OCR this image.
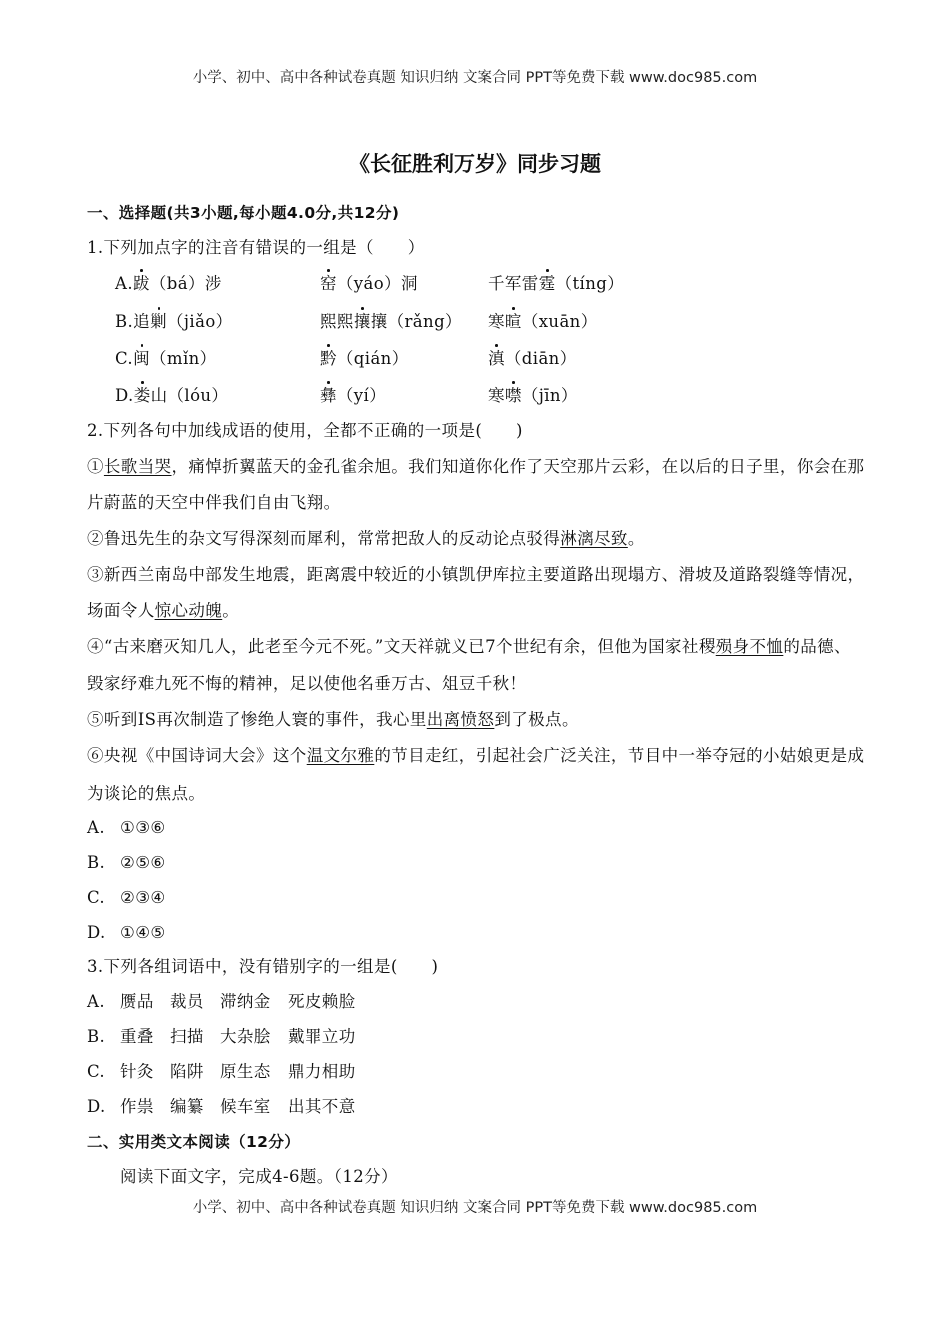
小学、初中、高中各种试卷真题 知识归纳 文案合同 PPT等免费下载 www.doc985.com
《长征胜利万岁》同步习题
一、选择题(共3小题,每小题4.0分,共12分)
1.下列加点字的注音有错误的一组是（　　）
A.跋（bá）涉	窑（yáo）洞	千军雷霆（tíng）
B.追剿（jiǎo）	熙熙攘攘（rǎng） 寒暄（xuān）
C.闽（mǐn）	黔（qián）	滇（diān）
D.娄山（lóu）	彝（yí）	寒噤（jīn）
2.下列各句中加线成语的使用，全都不正确的一项是(　　)
①长歌当哭，痛悼折翼蓝天的金孔雀余旭。我们知道你化作了天空那片云彩，在以后的日子里，你会在那
片蔚蓝的天空中伴我们自由飞翔。
②鲁迅先生的杂文写得深刻而犀利，常常把敌人的反动论点驳得淋漓尽致。
③新西兰南岛中部发生地震，距离震中较近的小镇凯伊库拉主要道路出现塌方、滑坡及道路裂缝等情况，
场面令人惊心动魄。
④“古来磨灭知几人，此老至今元不死。”文天祥就义已7个世纪有余，但他为国家社稷殒身不恤的品德、
毁家纾难九死不悔的精神，足以使他名垂万古、俎豆千秋！
⑤听到IS再次制造了惨绝人寰的事件，我心里出离愤怒到了极点。
⑥央视《中国诗词大会》这个温文尔雅的节目走红，引起社会广泛关注，节目中一举夺冠的小姑娘更是成
为谈论的焦点。
A. ①③⑥
B. ②⑤⑥
C. ②③④
D. ①④⑤
3.下列各组词语中，没有错别字的一组是(　　)
A. 赝品 裁员 滞纳金 死皮赖脸
B. 重叠 扫描 大杂脍 戴罪立功
C. 针灸 陷阱 原生态 鼎力相助
D. 作祟 编纂 候车室 出其不意
二、实用类文本阅读（12分）
阅读下面文字，完成4-6题。（12分）
小学、初中、高中各种试卷真题 知识归纳 文案合同 PPT等免费下载 www.doc985.com
